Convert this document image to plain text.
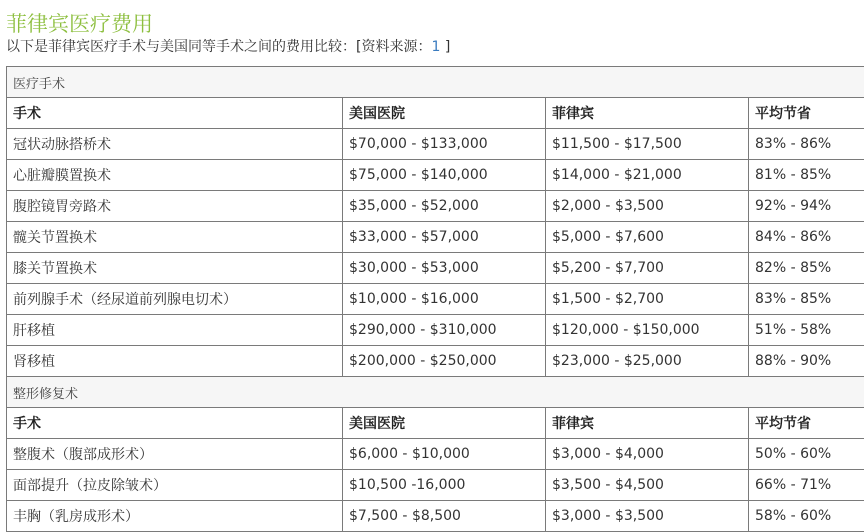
菲律宾医疗费用
以下是菲律宾医疗手术与美国同等手术之间的费用比较：[资料来源：1 ]
医疗手术			
手术	美国医院	菲律宾	平均节省
冠状动脉搭桥术	$70,000 - $133,000	$11,500 - $17,500	83% - 86%
心脏瓣膜置换术	$75,000 - $140,000	$14,000 - $21,000	81% - 85%
腹腔镜胃旁路术	$35,000 - $52,000	$2,000 - $3,500	92% - 94%
髋关节置换术	$33,000 - $57,000	$5,000 - $7,600	84% - 86%
膝关节置换术	$30,000 - $53,000	$5,200 - $7,700	82% - 85%
前列腺手术（经尿道前列腺电切术）	$10,000 - $16,000	$1,500 - $2,700	83% - 85%
肝移植	$290,000 - $310,000	$120,000 - $150,000	51% - 58%
肾移植	$200,000 - $250,000	$23,000 - $25,000	88% - 90%
整形修复术			
手术	美国医院	菲律宾	平均节省
整腹术（腹部成形术）	$6,000 - $10,000	$3,000 - $4,000	50% - 60%
面部提升（拉皮除皱术）	$10,500 -16,000	$3,500 - $4,500	66% - 71%
丰胸（乳房成形术）	$7,500 - $8,500	$3,000 - $3,500	58% - 60%
